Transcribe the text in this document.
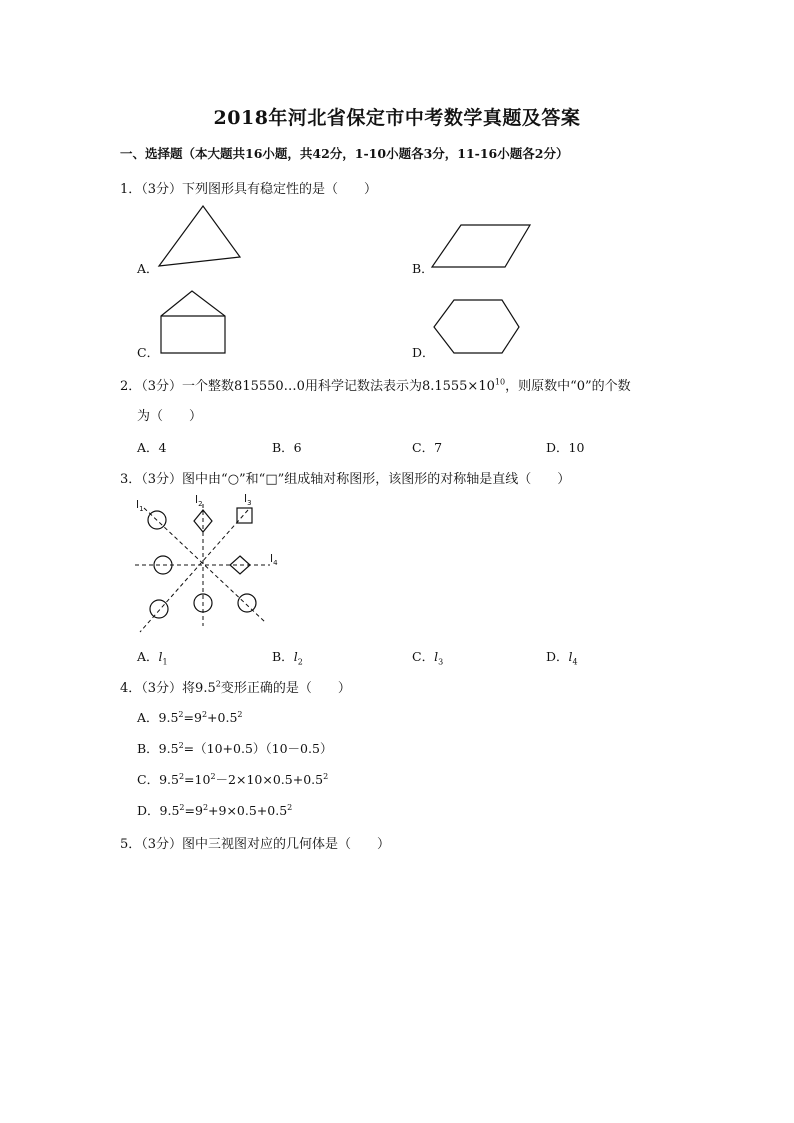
2018年河北省保定市中考数学真题及答案
一、选择题（本大题共16小题，共42分，1-10小题各3分，11-16小题各2分）
1．（3分）下列图形具有稳定性的是（　　）
A．	B．
C．	D．
2．（3分）一个整数815550…0用科学记数法表示为$8.1555\times 10^{10}$，则原数中“0”的个数
为（　　）
A．4	B．6	C．7	D．10
3．（3分）图中由“○”和“□”组成轴对称图形，该图形的对称轴是直线（　　）
$l_1$
$l_2$	$l_3$
$l_4$
A．$l_1$	B．$l_2$	C．$l_3$	D．$l_4$
4．（3分）将$9.5^2$变形正确的是（　　）
A．$9.5^2=9^2+0.5^2$
B．$9.5^2=(10+0.5)(10-0.5)$
C．$9.5^2=10^2-2\times 10\times 0.5+0.5^2$
D．$9.5^2=9^2+9\times 0.5+0.5^2$
5．（3分）图中三视图对应的几何体是（　　）
